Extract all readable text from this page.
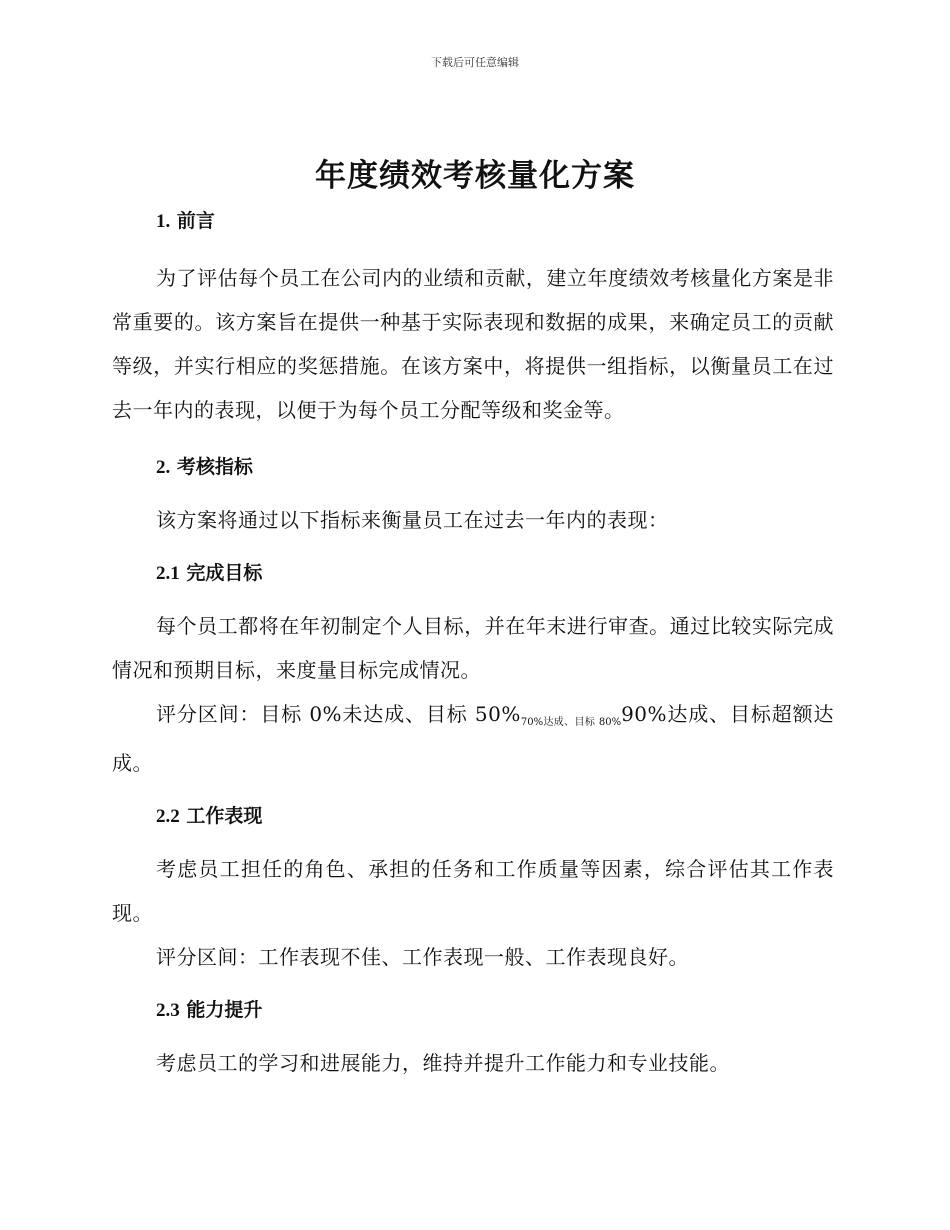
下载后可任意编辑
年度绩效考核量化方案
1. 前言

为了评估每个员工在公司内的业绩和贡献，建立年度绩效考核量化方案是非常重要的。该方案旨在提供一种基于实际表现和数据的成果，来确定员工的贡献等级，并实行相应的奖惩措施。在该方案中，将提供一组指标，以衡量员工在过去一年内的表现，以便于为每个员工分配等级和奖金等。

2. 考核指标

该方案将通过以下指标来衡量员工在过去一年内的表现：

2.1 完成目标

每个员工都将在年初制定个人目标，并在年末进行审查。通过比较实际完成情况和预期目标，来度量目标完成情况。

评分区间：目标 0%未达成、目标 $50\%_{70\%达成、目标 80\%}90\%$达成、目标超额达成。

2.2 工作表现

考虑员工担任的角色、承担的任务和工作质量等因素，综合评估其工作表现。

评分区间：工作表现不佳、工作表现一般、工作表现良好。

2.3 能力提升

考虑员工的学习和进展能力，维持并提升工作能力和专业技能。
